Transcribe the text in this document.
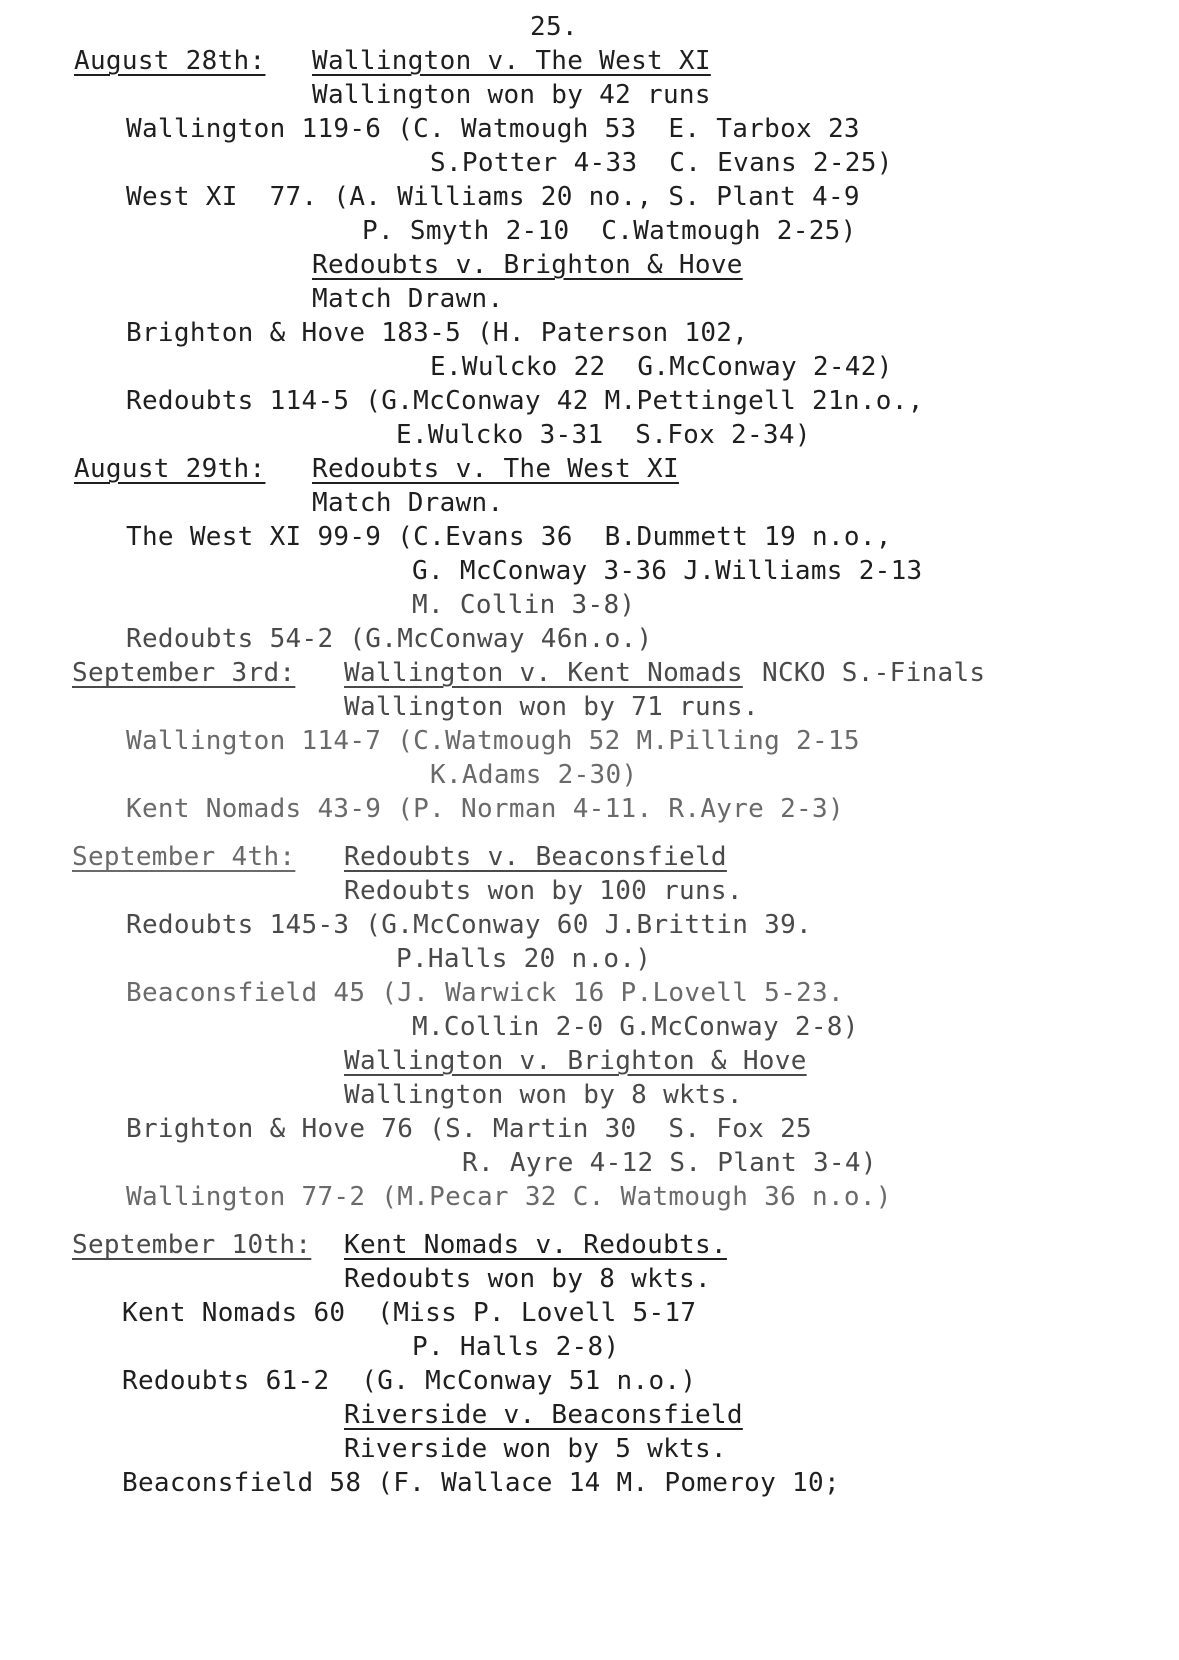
25.
August 28th: Wallington v. The West XI
Wallington won by 42 runs
Wallington 119-6 (C. Watmough 53  E. Tarbox 23
S.Potter 4-33  C. Evans 2-25)
West XI  77. (A. Williams 20 no., S. Plant 4-9
P. Smyth 2-10  C.Watmough 2-25)
Redoubts v. Brighton & Hove
Match Drawn.
Brighton & Hove 183-5 (H. Paterson 102,
E.Wulcko 22  G.McConway 2-42)
Redoubts 114-5 (G.McConway 42 M.Pettingell 21n.o.,
E.Wulcko 3-31  S.Fox 2-34)
August 29th: Redoubts v. The West XI
Match Drawn.
The West XI 99-9 (C.Evans 36  B.Dummett 19 n.o.,
G. McConway 3-36 J.Williams 2-13
M. Collin 3-8)
Redoubts 54-2 (G.McConway 46n.o.)
September 3rd: Wallington v. Kent Nomads NCKO S.-Finals
Wallington won by 71 runs.
Wallington 114-7 (C.Watmough 52 M.Pilling 2-15
K.Adams 2-30)
Kent Nomads 43-9 (P. Norman 4-11. R.Ayre 2-3)
September 4th: Redoubts v. Beaconsfield
Redoubts won by 100 runs.
Redoubts 145-3 (G.McConway 60 J.Brittin 39.
P.Halls 20 n.o.)
Beaconsfield 45 (J. Warwick 16 P.Lovell 5-23.
M.Collin 2-0 G.McConway 2-8)
Wallington v. Brighton & Hove
Wallington won by 8 wkts.
Brighton & Hove 76 (S. Martin 30  S. Fox 25
R. Ayre 4-12 S. Plant 3-4)
Wallington 77-2 (M.Pecar 32 C. Watmough 36 n.o.)
September 10th: Kent Nomads v. Redoubts.
Redoubts won by 8 wkts.
Kent Nomads 60  (Miss P. Lovell 5-17
P. Halls 2-8)
Redoubts 61-2  (G. McConway 51 n.o.)
Riverside v. Beaconsfield
Riverside won by 5 wkts.
Beaconsfield 58 (F. Wallace 14 M. Pomeroy 10;
